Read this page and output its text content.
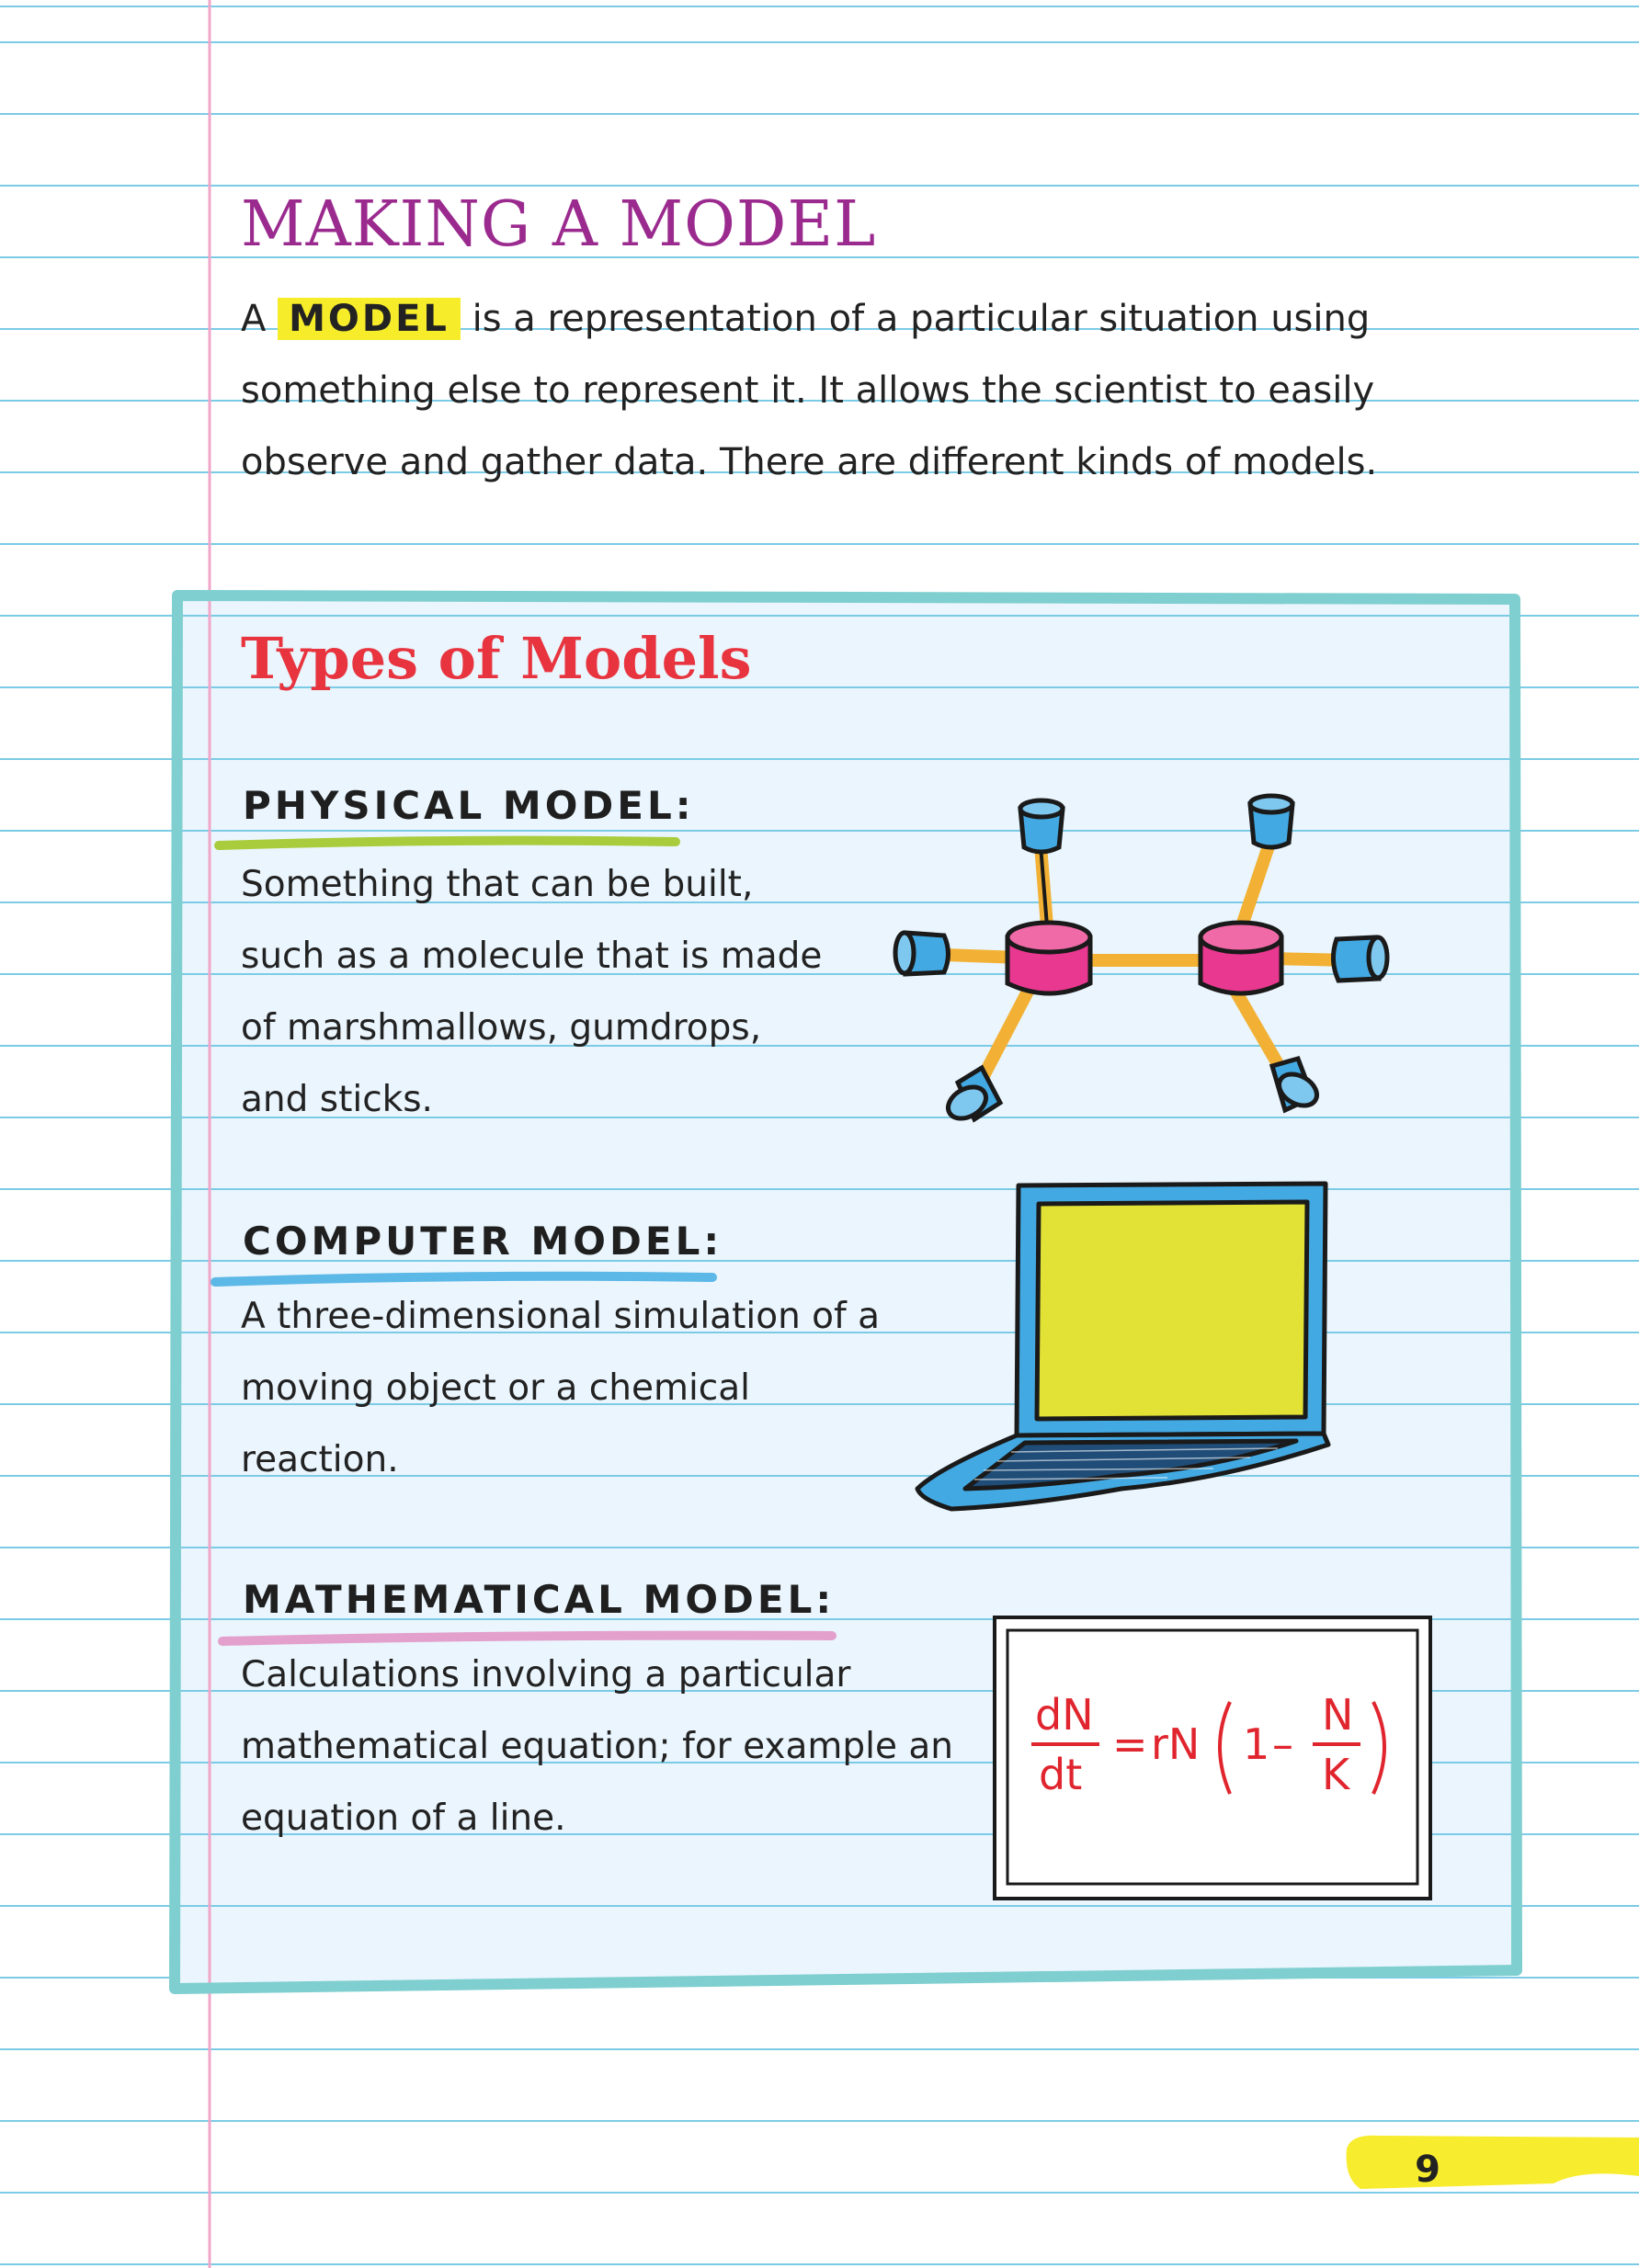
MAKING A MODEL
A MODEL is a representation of a particular situation using something else to represent it. It allows the scientist to easily observe and gather data. There are different kinds of models.
Types of Models
PHYSICAL MODEL:

Something that can be built, such as a molecule that is made of marshmallows, gumdrops, and sticks.

COMPUTER MODEL:

A three-dimensional simulation of a moving object or a chemical reaction.

MATHEMATICAL MODEL:

Calculations involving a particular mathematical equation; for example an equation of a line.

dN
dt
= rN 1 –
N
K
9
